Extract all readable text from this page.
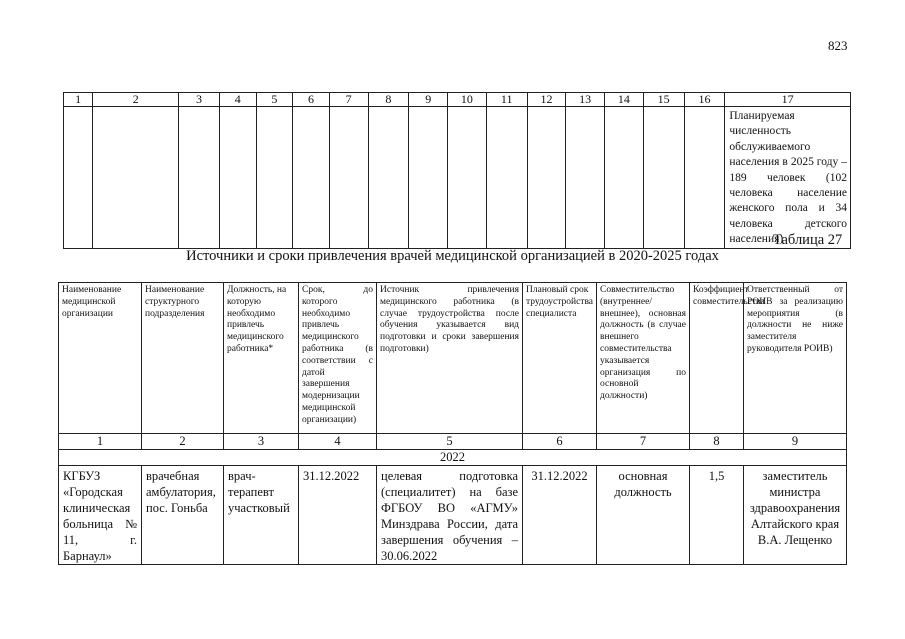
823
1	2	3	4	5	6	7	8	9	10	11	12	13	14	15	16	17
																Планируемая численность обслуживаемого населения в 2025 году – 189 человек (102 человека население женского пола и 34 человека детского населения)
Таблица 27
Источники и сроки привлечения врачей медицинской организацией в 2020-2025 годах
Наименование медицинской организации	Наименование структурного подразделения	Должность, на которую необходимо привлечь медицинского работника*	Срок, до которого необходимо привлечь медицинского работника (в соответствии с датой завершения модернизации медицинской организации)	Источник привлечения медицинского работника (в случае трудоустройства после обучения указывается вид подготовки и сроки завершения подготовки)	Плановый срок трудоустройства специалиста	Совместительство (внутреннее/внешнее), основная должность (в случае внешнего совместительства указывается организация по основной должности)	Коэффициент совместительства	Ответственный от РОИВ за реализацию мероприятия (в должности не ниже заместителя руководителя РОИВ)
1	2	3	4	5	6	7	8	9
2022								
КГБУЗ «Городская клиническая больница № 11, г. Барнаул»	врачебная амбулатория, пос. Гоньба	врач-терапевт участковый	31.12.2022	целевая подготовка (специалитет) на базе ФГБОУ ВО «АГМУ» Минздрава России, дата завершения обучения – 30.06.2022	31.12.2022	основная должность	1,5	заместитель министра здравоохранения Алтайского края В.А. Лещенко
